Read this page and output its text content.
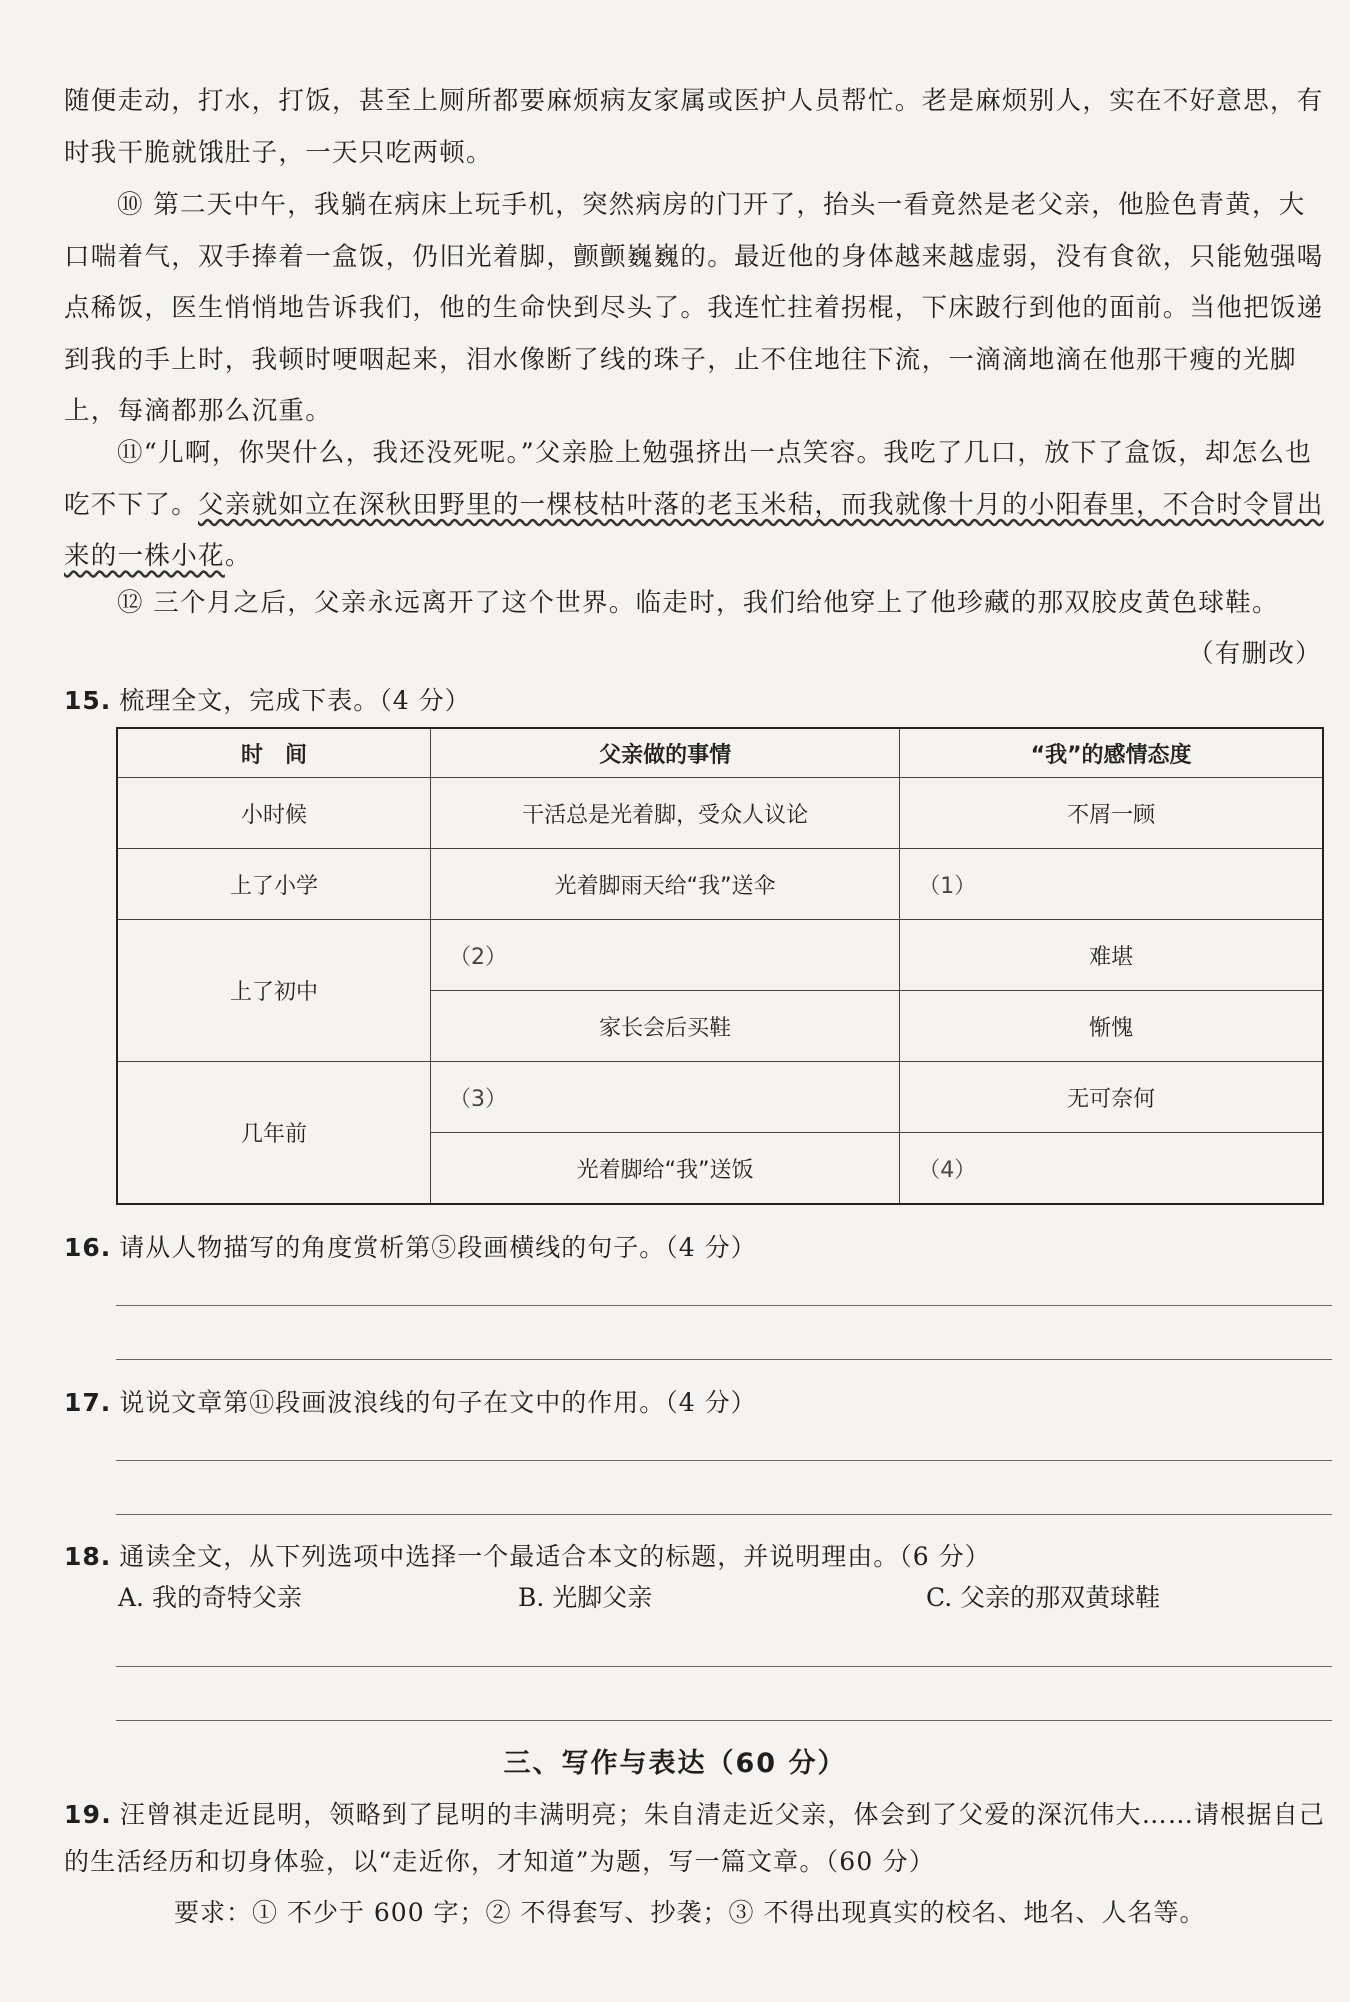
随便走动，打水，打饭，甚至上厕所都要麻烦病友家属或医护人员帮忙。老是麻烦别人，实在不好意思，有时我干脆就饿肚子，一天只吃两顿。

⑩ 第二天中午，我躺在病床上玩手机，突然病房的门开了，抬头一看竟然是老父亲，他脸色青黄，大口喘着气，双手捧着一盒饭，仍旧光着脚，颤颤巍巍的。最近他的身体越来越虚弱，没有食欲，只能勉强喝点稀饭，医生悄悄地告诉我们，他的生命快到尽头了。我连忙拄着拐棍，下床跛行到他的面前。当他把饭递到我的手上时，我顿时哽咽起来，泪水像断了线的珠子，止不住地往下流，一滴滴地滴在他那干瘦的光脚上，每滴都那么沉重。

⑪“儿啊，你哭什么，我还没死呢。”父亲脸上勉强挤出一点笑容。我吃了几口，放下了盒饭，却怎么也吃不下了。父亲就如立在深秋田野里的一棵枝枯叶落的老玉米秸，而我就像十月的小阳春里，不合时令冒出来的一株小花。

⑫ 三个月之后，父亲永远离开了这个世界。临走时，我们给他穿上了他珍藏的那双胶皮黄色球鞋。

（有删改）

15. 梳理全文，完成下表。（4 分）

时　间	父亲做的事情	“我”的感情态度
小时候	干活总是光着脚，受众人议论	不屑一顾
上了小学	光着脚雨天给“我”送伞	（1）
上了初中	（2）	难堪
	家长会后买鞋	惭愧
几年前	（3）	无可奈何
	光着脚给“我”送饭	（4）

16. 请从人物描写的角度赏析第⑤段画横线的句子。（4 分）

17. 说说文章第⑪段画波浪线的句子在文中的作用。（4 分）

18. 通读全文，从下列选项中选择一个最适合本文的标题，并说明理由。（6 分）

A. 我的奇特父亲	B. 光脚父亲	C. 父亲的那双黄球鞋
三、写作与表达（60 分）

19. 汪曾祺走近昆明，领略到了昆明的丰满明亮；朱自清走近父亲，体会到了父爱的深沉伟大……请根据自己的生活经历和切身体验，以“走近你，才知道”为题，写一篇文章。（60 分）

要求：① 不少于 600 字；② 不得套写、抄袭；③ 不得出现真实的校名、地名、人名等。
